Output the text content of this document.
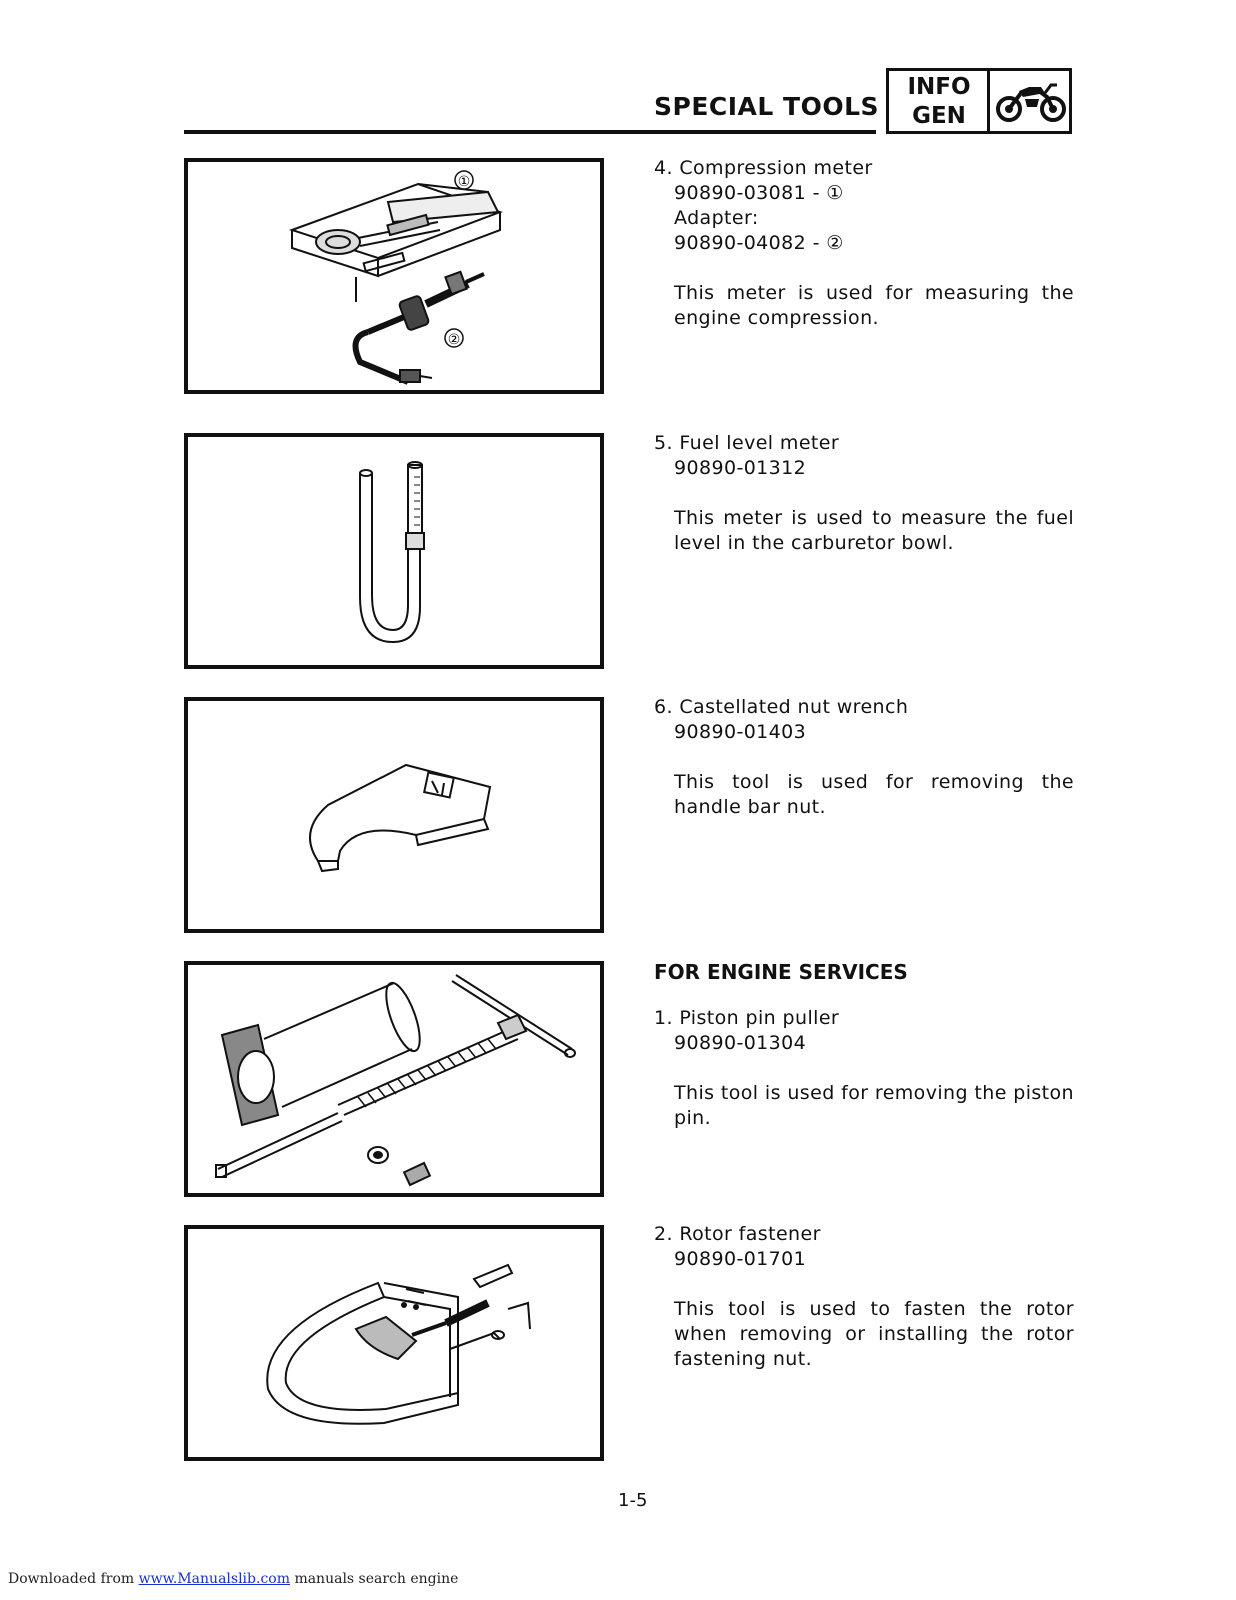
SPECIAL TOOLS
INFO
GEN
①
②
4. Compression meter
90890-03081 - ①
Adapter:
90890-04082 - ②
This meter is used for measuring the engine compression.
5. Fuel level meter
90890-01312
This meter is used to measure the fuel level in the carburetor bowl.
6. Castellated nut wrench
90890-01403
This tool is used for removing the handle bar nut.
FOR ENGINE SERVICES
1. Piston pin puller
90890-01304
This tool is used for removing the piston pin.
2. Rotor fastener
90890-01701
This tool is used to fasten the rotor when removing or installing the rotor fastening nut.
1-5
Downloaded from www.Manualslib.com manuals search engine
